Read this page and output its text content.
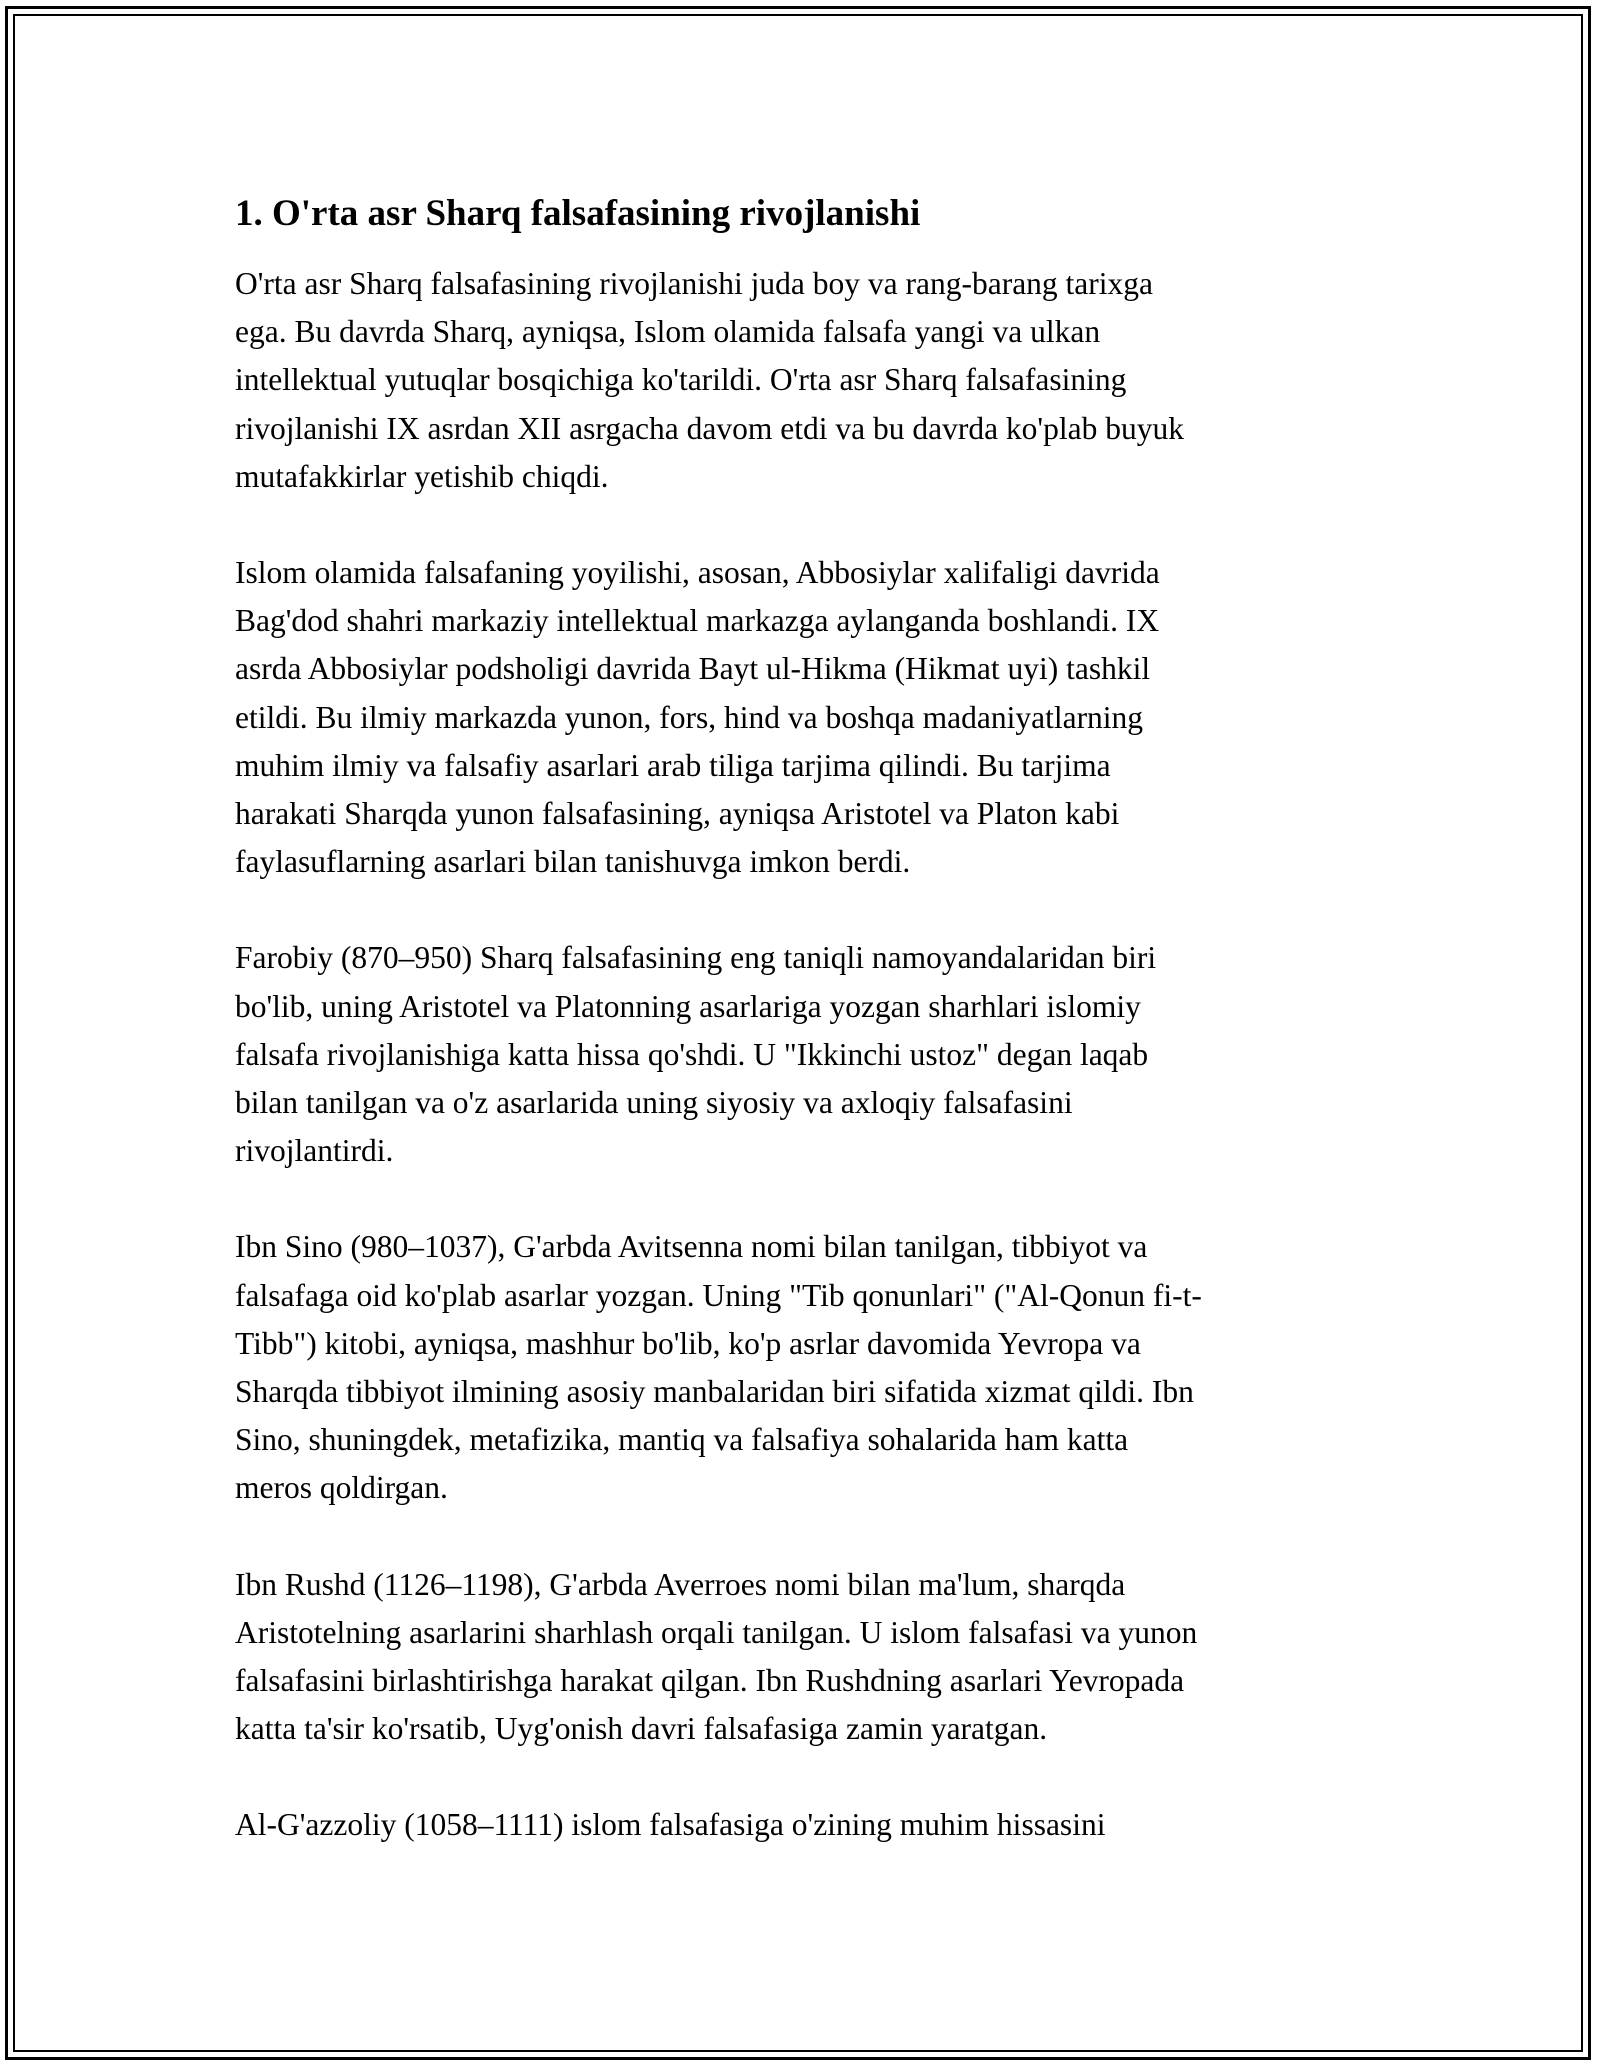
1. O'rta asr Sharq falsafasining rivojlanishi

O'rta asr Sharq falsafasining rivojlanishi juda boy va rang-barang tarixga
ega. Bu davrda Sharq, ayniqsa, Islom olamida falsafa yangi va ulkan
intellektual yutuqlar bosqichiga ko'tarildi. O'rta asr Sharq falsafasining
rivojlanishi IX asrdan XII asrgacha davom etdi va bu davrda ko'plab buyuk
mutafakkirlar yetishib chiqdi.

Islom olamida falsafaning yoyilishi, asosan, Abbosiylar xalifaligi davrida
Bag'dod shahri markaziy intellektual markazga aylanganda boshlandi. IX
asrda Abbosiylar podsholigi davrida Bayt ul-Hikma (Hikmat uyi) tashkil
etildi. Bu ilmiy markazda yunon, fors, hind va boshqa madaniyatlarning
muhim ilmiy va falsafiy asarlari arab tiliga tarjima qilindi. Bu tarjima
harakati Sharqda yunon falsafasining, ayniqsa Aristotel va Platon kabi
faylasuflarning asarlari bilan tanishuvga imkon berdi.

Farobiy (870–950) Sharq falsafasining eng taniqli namoyandalaridan biri
bo'lib, uning Aristotel va Platonning asarlariga yozgan sharhlari islomiy
falsafa rivojlanishiga katta hissa qo'shdi. U "Ikkinchi ustoz" degan laqab
bilan tanilgan va o'z asarlarida uning siyosiy va axloqiy falsafasini
rivojlantirdi.

Ibn Sino (980–1037), G'arbda Avitsenna nomi bilan tanilgan, tibbiyot va
falsafaga oid ko'plab asarlar yozgan. Uning "Tib qonunlari" ("Al-Qonun fi-t-
Tibb") kitobi, ayniqsa, mashhur bo'lib, ko'p asrlar davomida Yevropa va
Sharqda tibbiyot ilmining asosiy manbalaridan biri sifatida xizmat qildi. Ibn
Sino, shuningdek, metafizika, mantiq va falsafiya sohalarida ham katta
meros qoldirgan.

Ibn Rushd (1126–1198), G'arbda Averroes nomi bilan ma'lum, sharqda
Aristotelning asarlarini sharhlash orqali tanilgan. U islom falsafasi va yunon
falsafasini birlashtirishga harakat qilgan. Ibn Rushdning asarlari Yevropada
katta ta'sir ko'rsatib, Uyg'onish davri falsafasiga zamin yaratgan.

Al-G'azzoliy (1058–1111) islom falsafasiga o'zining muhim hissasini
